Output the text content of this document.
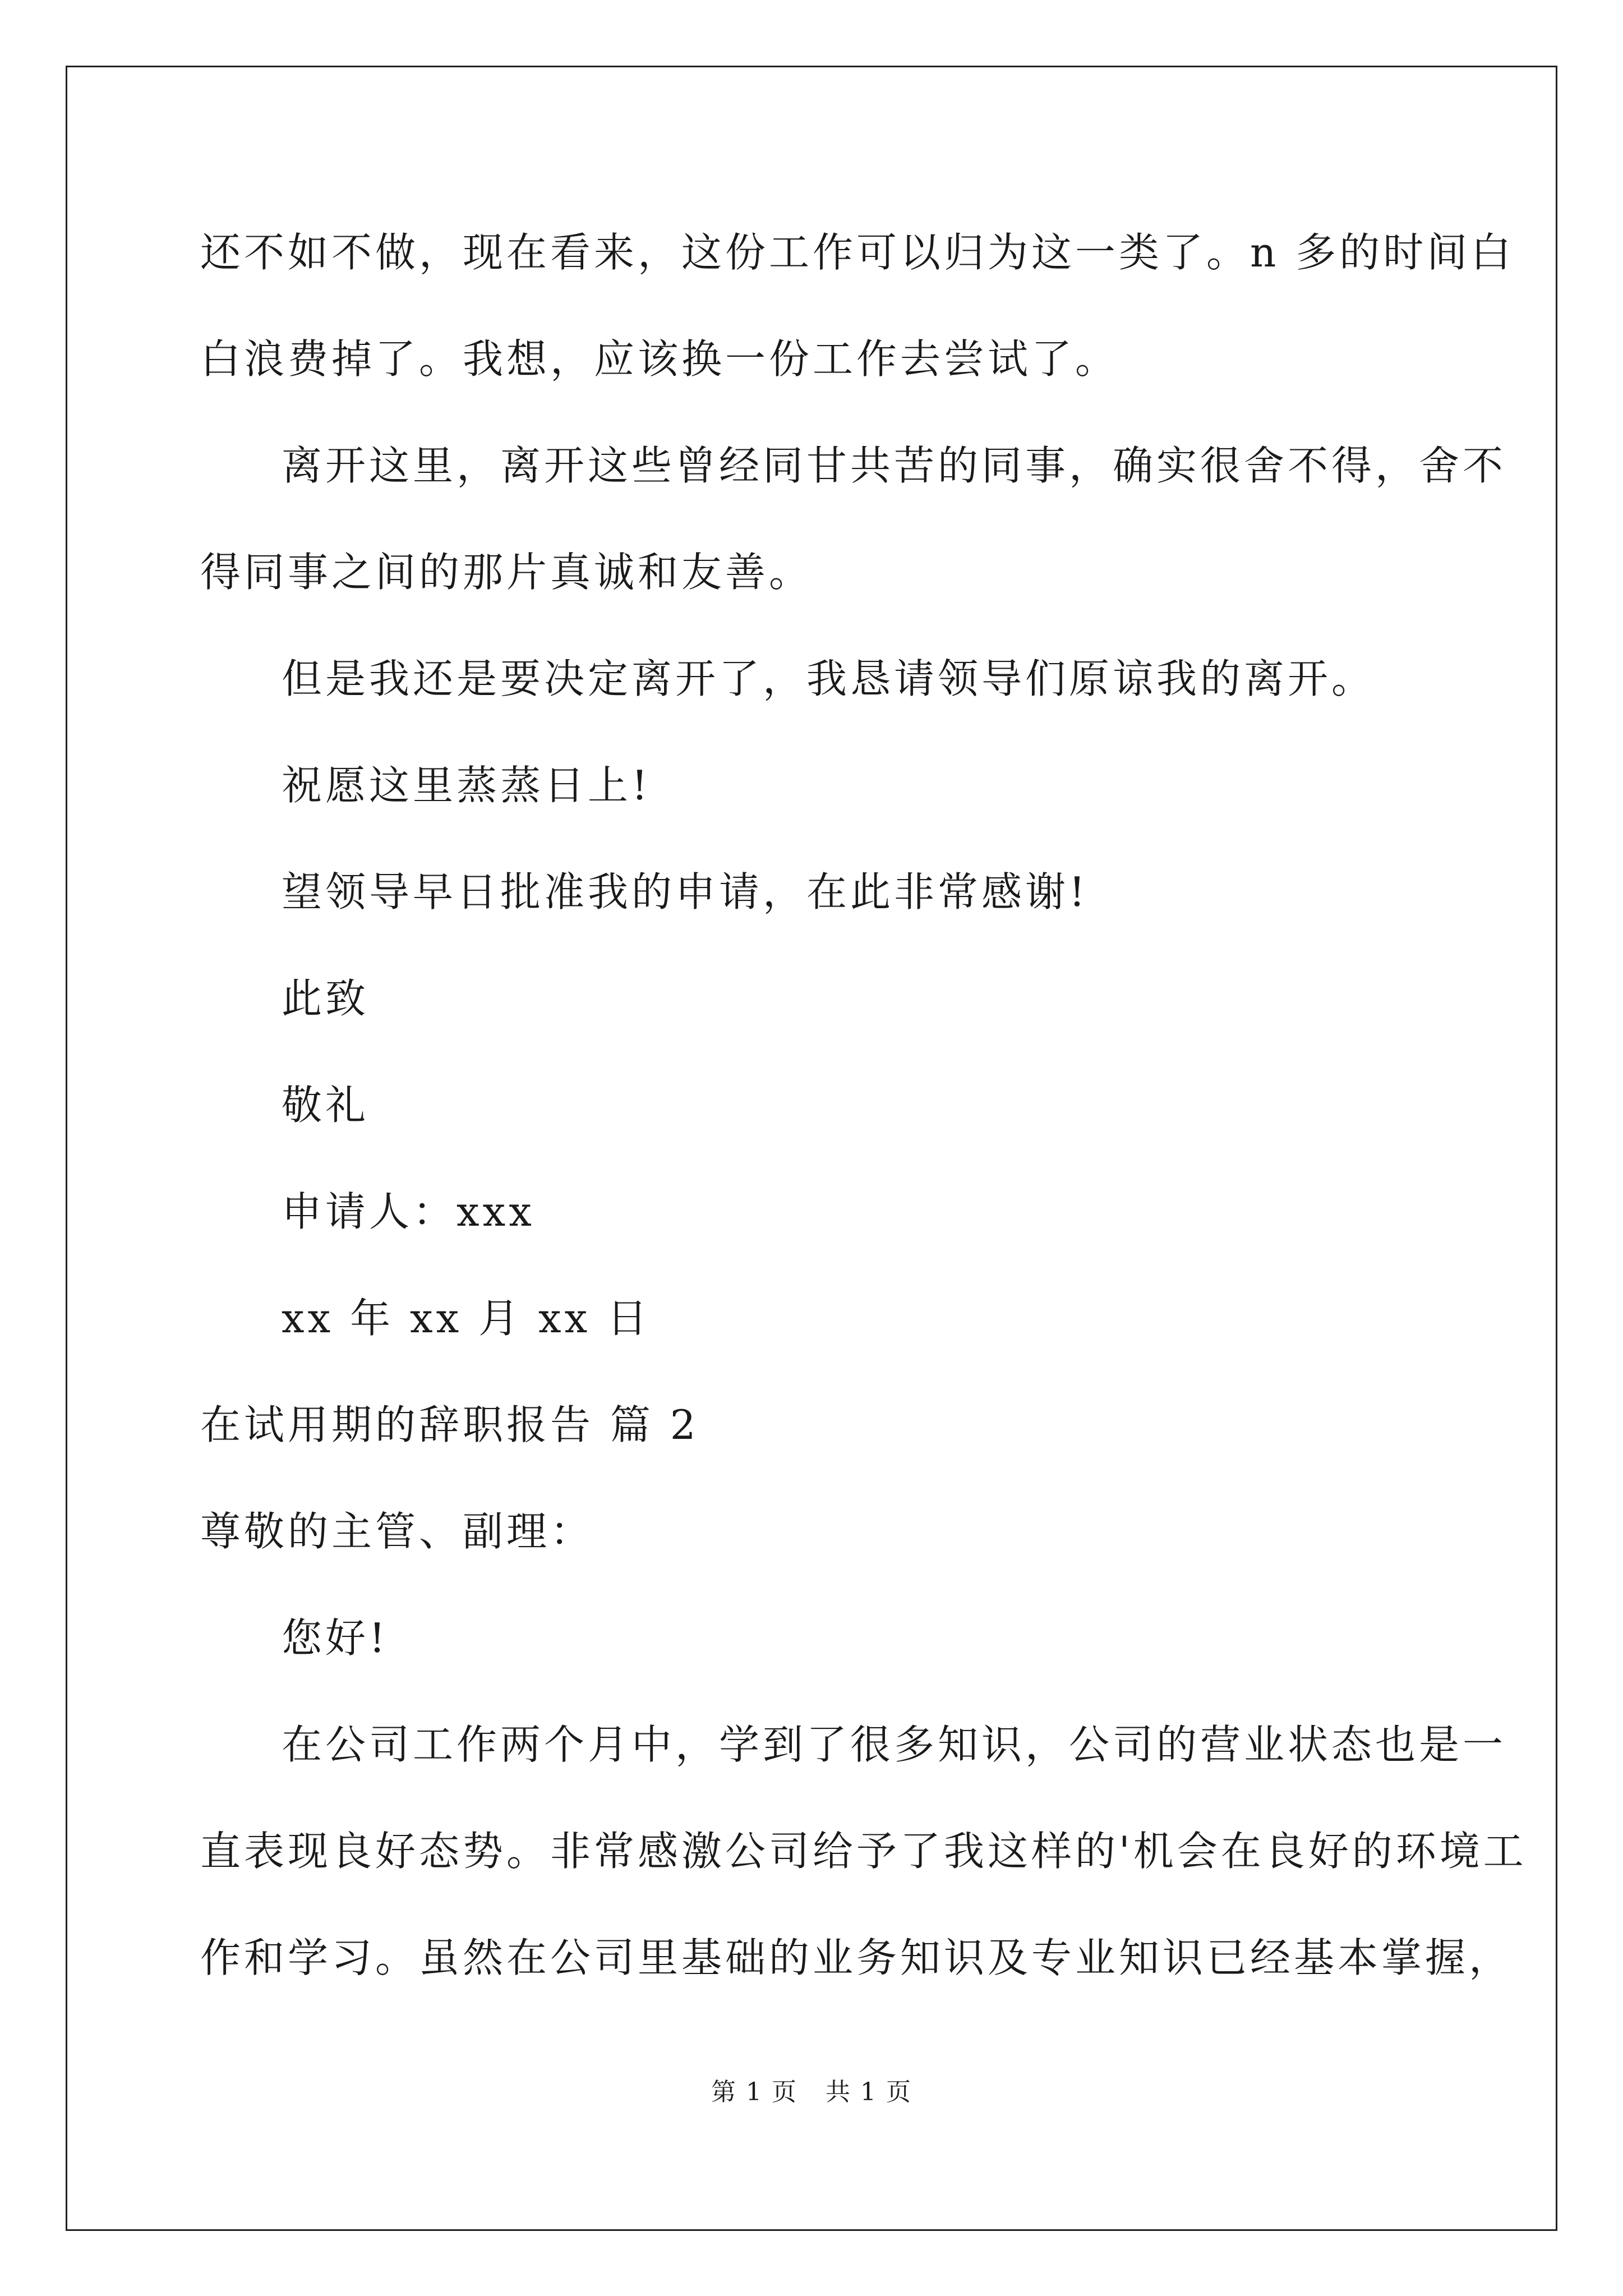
还不如不做，现在看来，这份工作可以归为这一类了。n 多的时间白
白浪费掉了。我想，应该换一份工作去尝试了。
离开这里，离开这些曾经同甘共苦的同事，确实很舍不得，舍不
得同事之间的那片真诚和友善。
但是我还是要决定离开了，我恳请领导们原谅我的离开。
祝愿这里蒸蒸日上!
望领导早日批准我的申请，在此非常感谢!
此致
敬礼
申请人：xxx
xx 年 xx 月 xx 日
在试用期的辞职报告 篇 2
尊敬的主管、副理：
您好!
在公司工作两个月中，学到了很多知识，公司的营业状态也是一
直表现良好态势。非常感激公司给予了我这样的'机会在良好的环境工
作和学习。虽然在公司里基础的业务知识及专业知识已经基本掌握，
第 1 页 共 1 页
